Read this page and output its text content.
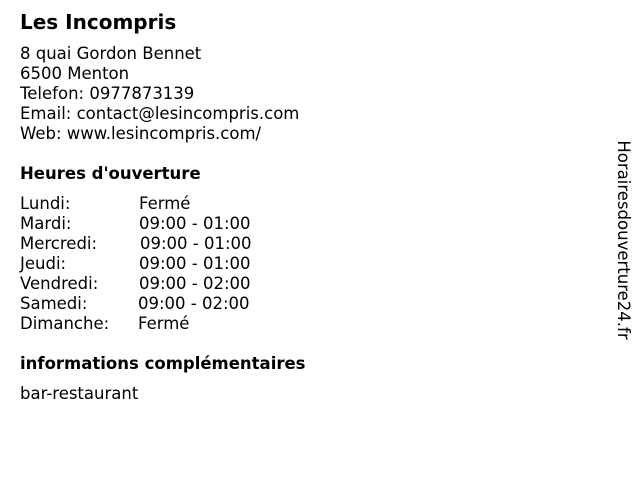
Les Incompris
8 quai Gordon Bennet
6500 Menton
Telefon: 0977873139
Email: contact@lesincompris.com
Web: www.lesincompris.com/
Heures d'ouverture
Lundi:	Fermé
Mardi:	09:00 - 01:00
Mercredi:	09:00 - 01:00
Jeudi:	09:00 - 01:00
Vendredi: 09:00 - 02:00
Samedi:	09:00 - 02:00
Dimanche: Fermé
informations complémentaires
bar-restaurant
Horairesdouverture24.fr
